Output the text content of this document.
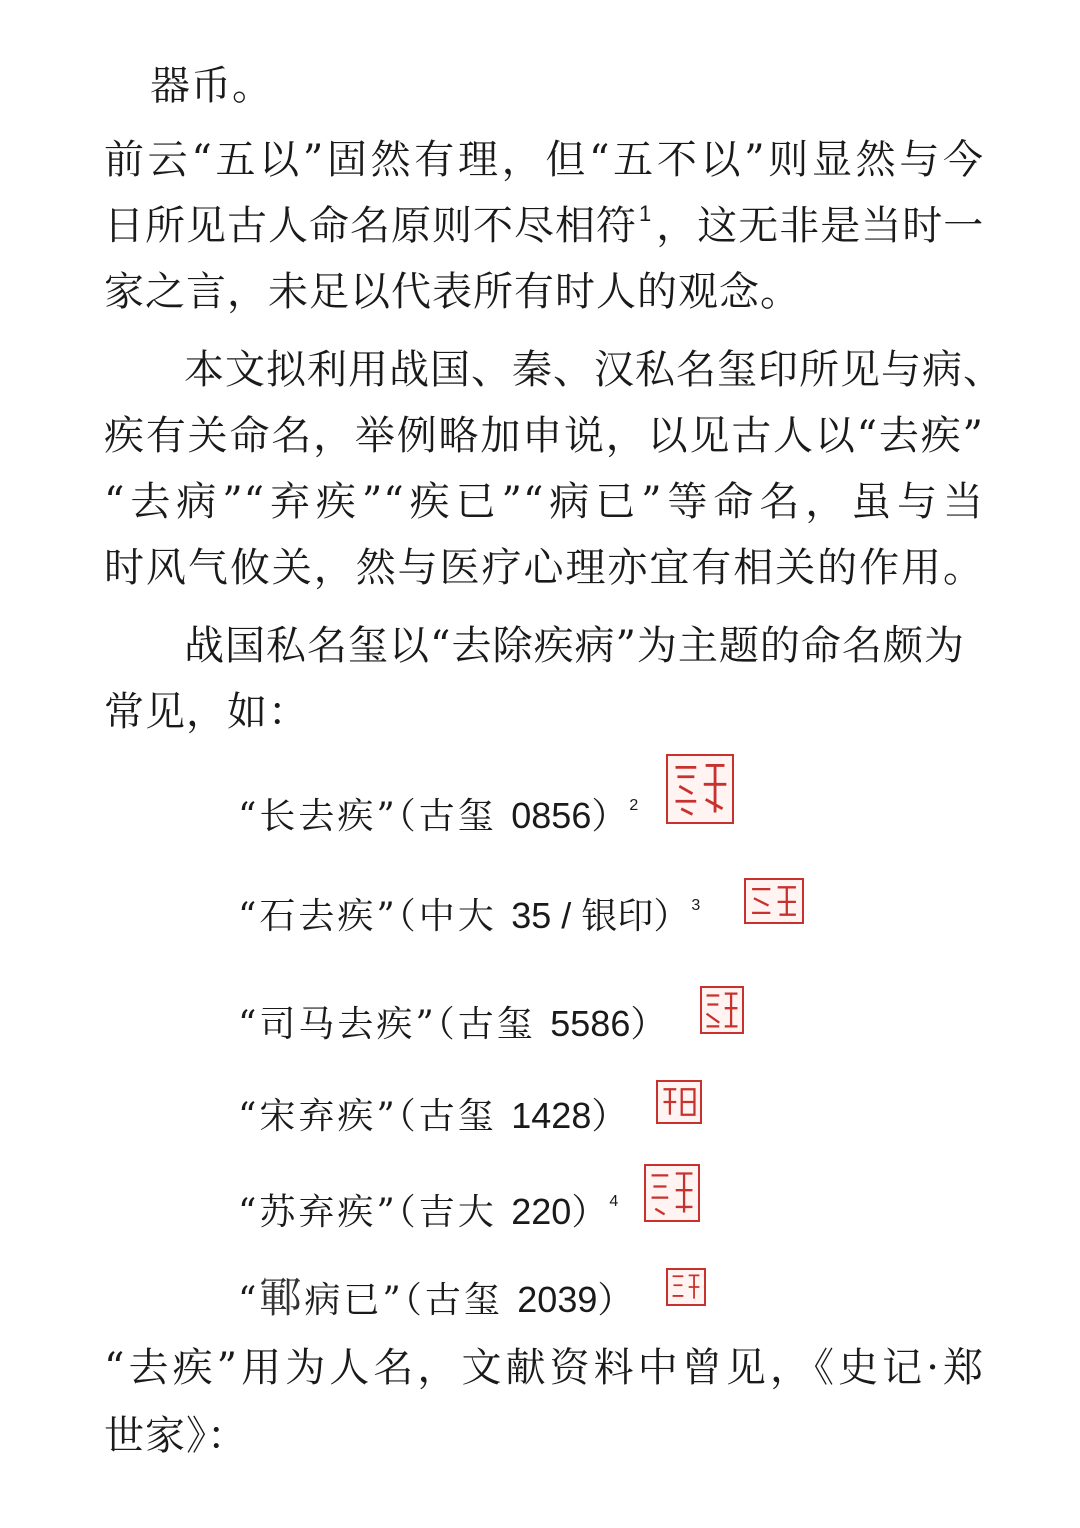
器币。
前云“五以”固然有理，但“五不以”则显然与今
日所见古人命名原则不尽相符$^1$ ，这无非是当时一
家之言，未足以代表所有时人的观念。
本文拟利用战国、秦、汉私名玺印所见与病、
疾有关命名，举例略加申说，以见古人以“去疾”
“去病”“弃疾”“疾已”“病已”等命名，虽与当
时风气攸关，然与医疗心理亦宜有相关的作用。
战国私名玺以“去除疾病”为主题的命名颇为
常见，如：
“长去疾”（古玺 0856） $^2$
“石去疾”（中大 35 / 银印） $^3$
“司马去疾”（古玺 5586）
“宋弃疾”（古玺 1428）
“苏弃疾”（吉大 220） $^4$
“鄆病已”（古玺 2039）
“去疾”用为人名，文献资料中曾见，《史记·郑
世家》：
